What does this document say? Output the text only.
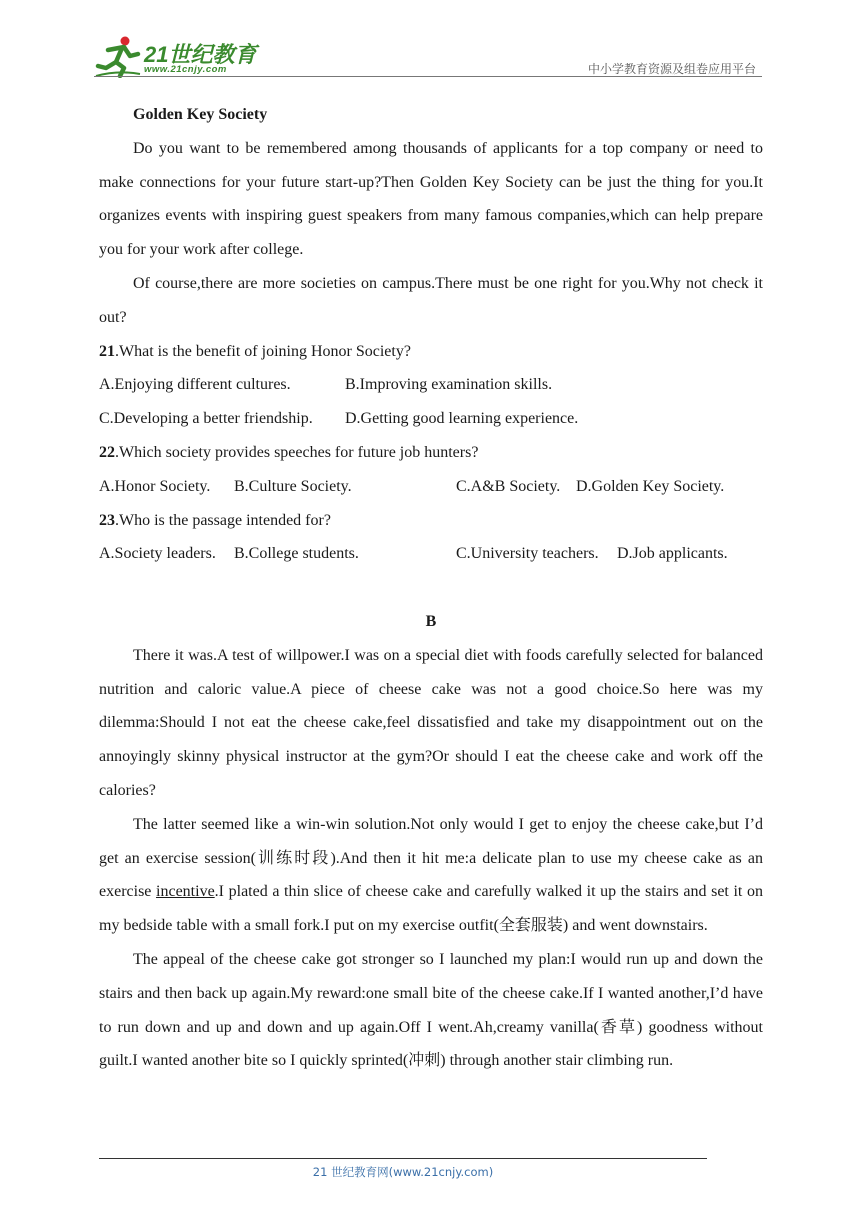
21世纪教育
www.21cnjy.com	中小学教育资源及组卷应用平台

Golden Key Society

Do you want to be remembered among thousands of applicants for a top company or need to make connections for your future start-up?Then Golden Key Society can be just the thing for you.It organizes events with inspiring guest speakers from many famous companies,which can help prepare you for your work after college.

Of course,there are more societies on campus.There must be one right for you.Why not check it out?

21.What is the benefit of joining Honor Society?

A.Enjoying different cultures.	B.Improving examination skills.
C.Developing a better friendship.	D.Getting good learning experience.

22.Which society provides speeches for future job hunters?

A.Honor Society.	B.Culture Society.	C.A&B Society. D.Golden Key Society.

23.Who is the passage intended for?

A.Society leaders.	B.College students.	C.University teachers.	D.Job applicants.

B

There it was.A test of willpower.I was on a special diet with foods carefully selected for balanced nutrition and caloric value.A piece of cheese cake was not a good choice.So here was my dilemma:Should I not eat the cheese cake,feel dissatisfied and take my disappointment out on the annoyingly skinny physical instructor at the gym?Or should I eat the cheese cake and work off the calories?

The latter seemed like a win-win solution.Not only would I get to enjoy the cheese cake,but I’d get an exercise session(训练时段).And then it hit me:a delicate plan to use my cheese cake as an exercise incentive.I plated a thin slice of cheese cake and carefully walked it up the stairs and set it on my bedside table with a small fork.I put on my exercise outfit(全套服装) and went downstairs.

The appeal of the cheese cake got stronger so I launched my plan:I would run up and down the stairs and then back up again.My reward:one small bite of the cheese cake.If I wanted another,I’d have to run down and up and down and up again.Off I went.Ah,creamy vanilla(香草) goodness without guilt.I wanted another bite so I quickly sprinted(冲刺) through another stair climbing run.

21 世纪教育网(www.21cnjy.com)
